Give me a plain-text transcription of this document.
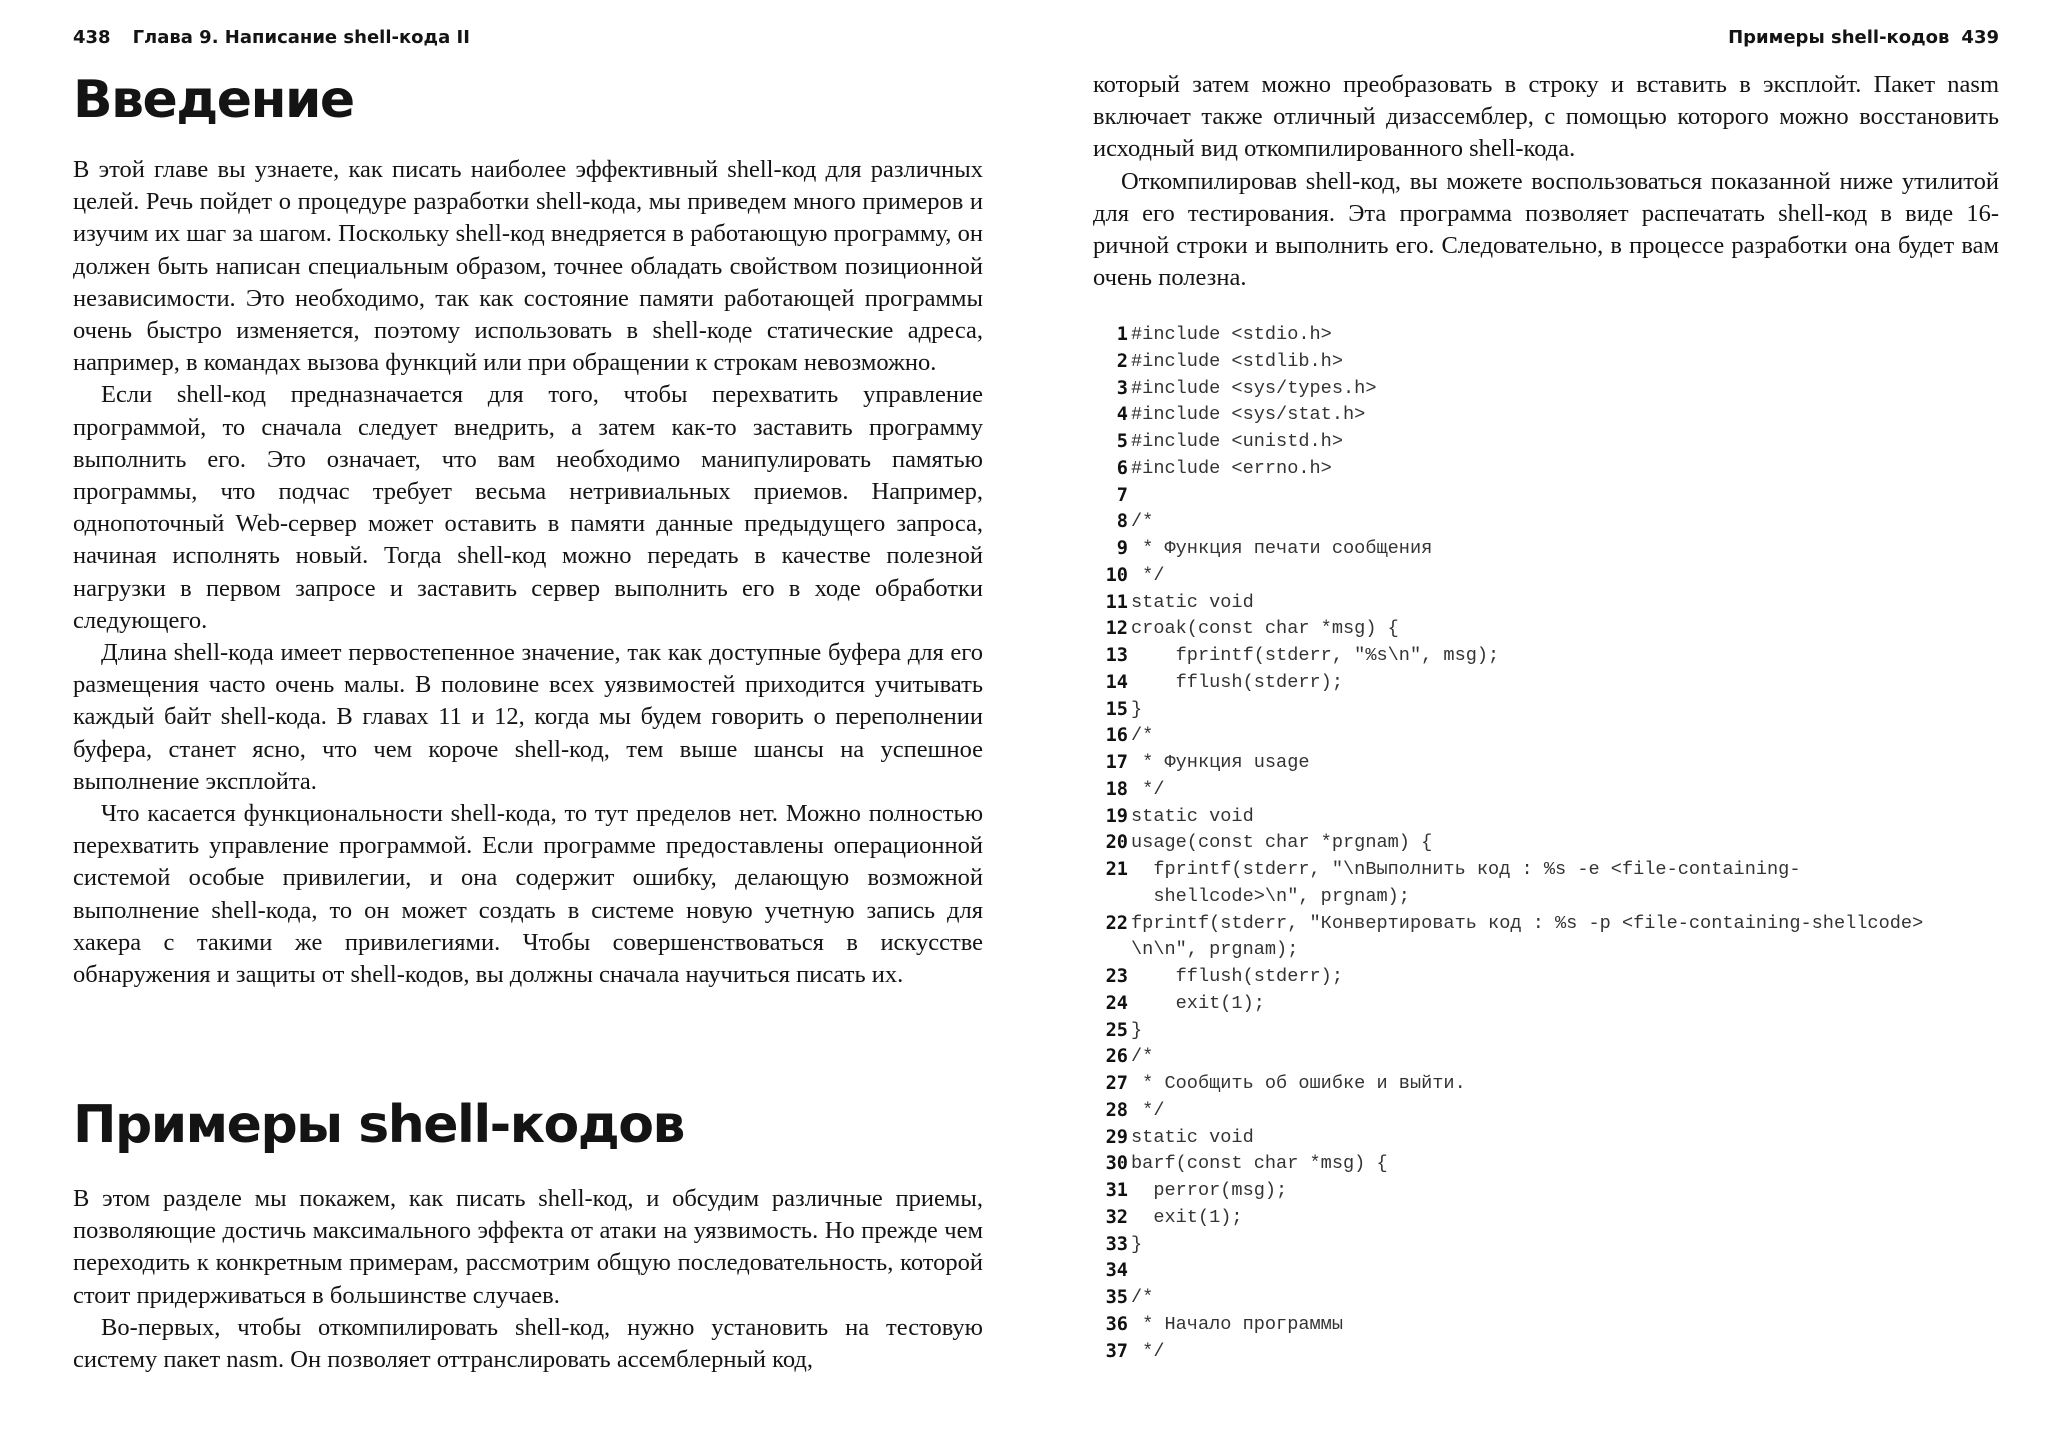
438 Глава 9. Написание shell-кода II
Введение

В этой главе вы узнаете, как писать наиболее эффективный shell-код для различных целей. Речь пойдет о процедуре разработки shell-кода, мы приведем много примеров и изучим их шаг за шагом. Поскольку shell-код внедряется в работающую программу, он должен быть написан специальным образом, точнее обладать свойством позиционной независимости. Это необходимо, так как состояние памяти работающей программы очень быстро изменяется, поэтому использовать в shell-коде статические адреса, например, в командах вызова функций или при обращении к строкам невозможно.

Если shell-код предназначается для того, чтобы перехватить управление программой, то сначала следует внедрить, а затем как-то заставить программу выполнить его. Это означает, что вам необходимо манипулировать памятью программы, что подчас требует весьма нетривиальных приемов. Например, однопоточный Web-сервер может оставить в памяти данные предыдущего запроса, начиная исполнять новый. Тогда shell-код можно передать в качестве полезной нагрузки в первом запросе и заставить сервер выполнить его в ходе обработки следующего.

Длина shell-кода имеет первостепенное значение, так как доступные буфера для его размещения часто очень малы. В половине всех уязвимостей приходится учитывать каждый байт shell-кода. В главах 11 и 12, когда мы будем говорить о переполнении буфера, станет ясно, что чем короче shell-код, тем выше шансы на успешное выполнение эксплойта.

Что касается функциональности shell-кода, то тут пределов нет. Можно полностью перехватить управление программой. Если программе предоставлены операционной системой особые привилегии, и она содержит ошибку, делающую возможной выполнение shell-кода, то он может создать в системе новую учетную запись для хакера с такими же привилегиями. Чтобы совершенствоваться в искусстве обнаружения и защиты от shell-кодов, вы должны сначала научиться писать их.

Примеры shell-кодов

В этом разделе мы покажем, как писать shell-код, и обсудим различные приемы, позволяющие достичь максимального эффекта от атаки на уязвимость. Но прежде чем переходить к конкретным примерам, рассмотрим общую последовательность, которой стоит придерживаться в большинстве случаев.

Во-первых, чтобы откомпилировать shell-код, нужно установить на тестовую систему пакет nasm. Он позволяет оттранслировать ассемблерный код,

Примеры shell-кодов 439

который затем можно преобразовать в строку и вставить в эксплойт. Пакет nasm включает также отличный дизассемблер, с помощью которого можно восстановить исходный вид откомпилированного shell-кода.

Откомпилировав shell-код, вы можете воспользоваться показанной ниже утилитой для его тестирования. Эта программа позволяет распечатать shell-код в виде 16-ричной строки и выполнить его. Следовательно, в процессе разработки она будет вам очень полезна.

1 #include <stdio.h>
2 #include <stdlib.h>
3 #include <sys/types.h>
4 #include <sys/stat.h>
5 #include <unistd.h>
6 #include <errno.h>
7
8 /*
9 * Функция печати сообщения
10 */
11 static void
12 croak(const char *msg) {
13 fprintf(stderr, "%s\n", msg);
14 fflush(stderr);
15 }
16 /*
17 * Функция usage
18 */
19 static void
20 usage(const char *prgnam) {
21	fprintf(stderr, "\nВыполнить код : %s -e <file-containing-
shellcode>\n", prgnam);
22 fprintf(stderr, "Конвертировать код : %s -p <file-containing-shellcode>
\n\n", prgnam);
23 fflush(stderr);
24 exit(1);
25 }
26 /*
27 * Сообщить об ошибке и выйти.
28 */
29 static void
30 barf(const char *msg) {
31 perror(msg);
32 exit(1);
33 }
34
35 /*
36 * Начало программы
37 */
